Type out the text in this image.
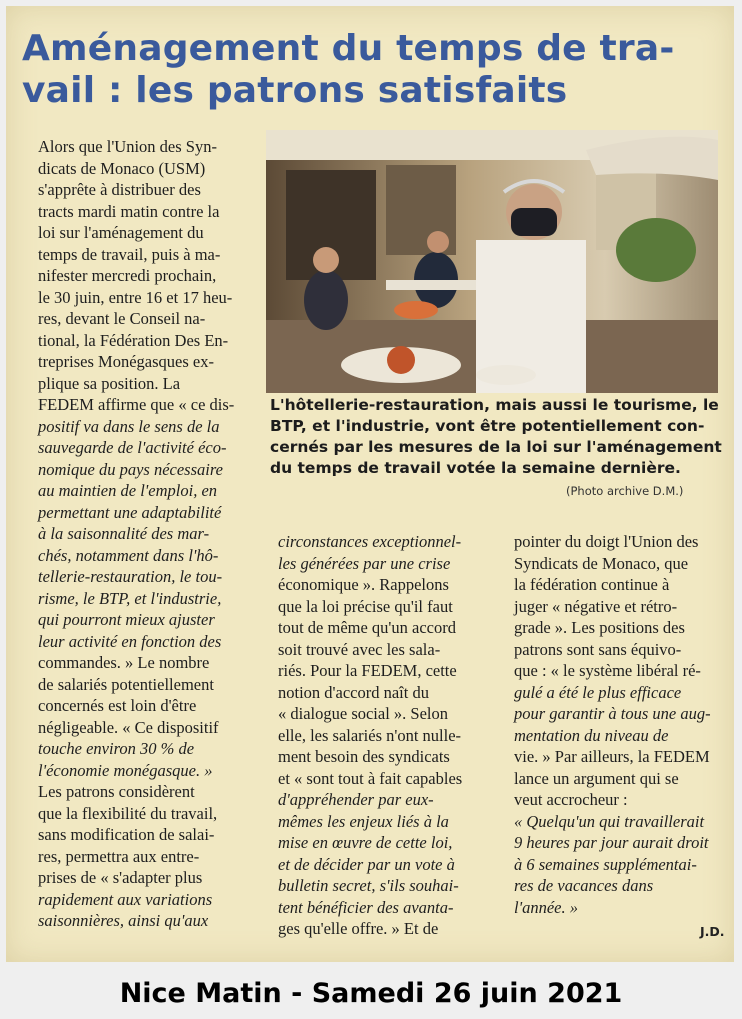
Aménagement du temps de tra-
vail : les patrons satisfaits
L'hôtellerie-restauration, mais aussi le tourisme, le
BTP, et l'industrie, vont être potentiellement con-
cernés par les mesures de la loi sur l'aménagement
du temps de travail votée la semaine dernière.
(Photo archive D.M.)
Alors que l'Union des Syn-
dicats de Monaco (USM)
s'apprête à distribuer des
tracts mardi matin contre la
loi sur l'aménagement du
temps de travail, puis à ma-
nifester mercredi prochain,
le 30 juin, entre 16 et 17 heu-
res, devant le Conseil na-
tional, la Fédération Des En-
treprises Monégasques ex-
plique sa position. La
FEDEM affirme que « ce dis-
positif va dans le sens de la
sauvegarde de l'activité éco-
nomique du pays nécessaire
au maintien de l'emploi, en
permettant une adaptabilité
à la saisonnalité des mar-
chés, notamment dans l'hô-
tellerie-restauration, le tou-
risme, le BTP, et l'industrie,
qui pourront mieux ajuster
leur activité en fonction des
commandes. » Le nombre
de salariés potentiellement
concernés est loin d'être
négligeable. « Ce dispositif
touche environ 30 % de
l'économie monégasque. »
Les patrons considèrent
que la flexibilité du travail,
sans modification de salai-
res, permettra aux entre-
prises de « s'adapter plus
rapidement aux variations
saisonnières, ainsi qu'aux
circonstances exceptionnel-
les générées par une crise
économique ». Rappelons
que la loi précise qu'il faut
tout de même qu'un accord
soit trouvé avec les sala-
riés. Pour la FEDEM, cette
notion d'accord naît du
« dialogue social ». Selon
elle, les salariés n'ont nulle-
ment besoin des syndicats
et « sont tout à fait capables
d'appréhender par eux-
mêmes les enjeux liés à la
mise en œuvre de cette loi,
et de décider par un vote à
bulletin secret, s'ils souhai-
tent bénéficier des avanta-
ges qu'elle offre. » Et de
pointer du doigt l'Union des
Syndicats de Monaco, que
la fédération continue à
juger « négative et rétro-
grade ». Les positions des
patrons sont sans équivo-
que : « le système libéral ré-
gulé a été le plus efficace
pour garantir à tous une aug-
mentation du niveau de
vie. » Par ailleurs, la FEDEM
lance un argument qui se
veut accrocheur :
« Quelqu'un qui travaillerait
9 heures par jour aurait droit
à 6 semaines supplémentai-
res de vacances dans
l'année. »
J.D.
Nice Matin - Samedi 26 juin 2021
